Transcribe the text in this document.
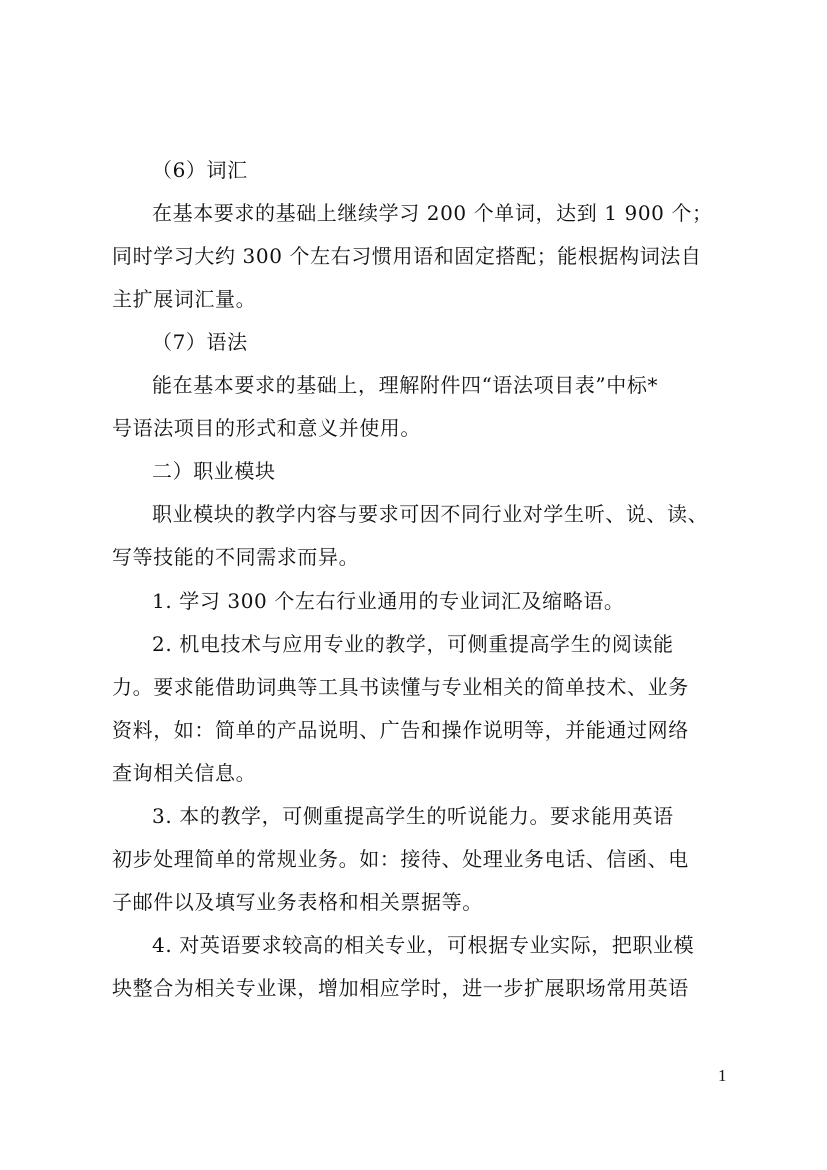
（6）词汇
在基本要求的基础上继续学习 200 个单词，达到 1 900 个；
同时学习大约 300 个左右习惯用语和固定搭配；能根据构词法自
主扩展词汇量。
（7）语法
能在基本要求的基础上，理解附件四“语法项目表”中标*
号语法项目的形式和意义并使用。
二）职业模块
职业模块的教学内容与要求可因不同行业对学生听、说、读、
写等技能的不同需求而异。
1. 学习 300 个左右行业通用的专业词汇及缩略语。
2. 机电技术与应用专业的教学，可侧重提高学生的阅读能
力。要求能借助词典等工具书读懂与专业相关的简单技术、业务
资料，如：简单的产品说明、广告和操作说明等，并能通过网络
查询相关信息。
3. 本的教学，可侧重提高学生的听说能力。要求能用英语
初步处理简单的常规业务。如：接待、处理业务电话、信函、电
子邮件以及填写业务表格和相关票据等。
4. 对英语要求较高的相关专业，可根据专业实际，把职业模
块整合为相关专业课，增加相应学时，进一步扩展职场常用英语
1
